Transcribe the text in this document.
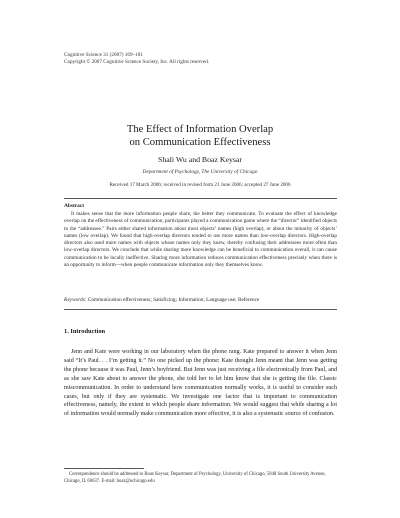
Cognitive Science 31 (2007) 169–181
Copyright © 2007 Cognitive Science Society, Inc. All rights reserved.
The Effect of Information Overlap
on Communication Effectiveness
Shali Wu and Boaz Keysar
Department of Psychology, The University of Chicago
Received 17 March 2006; received in revised form 21 June 2006; accepted 27 June 2006
Abstract
It makes sense that the more information people share, the better they communicate. To evaluate the effect of knowledge overlap on the effectiveness of communication, participants played a communication game where the “director” identified objects to the “addressee.” Pairs either shared information about most objects’ names (high overlap), or about the minority of objects’ names (low overlap). We found that high-overlap directors tended to use more names than low-overlap directors. High-overlap directors also used more names with objects whose names only they knew, thereby confusing their addressees more often than low-overlap directors. We conclude that while sharing more knowledge can be beneficial to communication overall, it can cause communication to be locally ineffective. Sharing more information reduces communication effectiveness precisely when there is an opportunity to inform—when people communicate information only they themselves know.
Keywords: Communication effectiveness; Satisficing; Information; Language use; Reference
1. Introduction
Jenn and Kate were working in our laboratory when the phone rang. Kate prepared to answer it when Jenn said “It’s Paul. . . I’m getting it.” No one picked up the phone: Kate thought Jenn meant that Jenn was getting the phone because it was Paul, Jenn’s boyfriend. But Jenn was just receiving a file electronically from Paul, and as she saw Kate about to answer the phone, she told her to let him know that she is getting the file. Classic miscommunication. In order to understand how communication normally works, it is useful to consider such cases, but only if they are systematic. We investigate one factor that is important to communication effectiveness, namely, the extent to which people share information. We would suggest that while sharing a lot of information would normally make communication more effective, it is also a systematic source of confusion.
Correspondence should be addressed to Boaz Keysar, Department of Psychology, University of Chicago, 5848 South University Avenue, Chicago, IL 60637. E-mail: boaz@uchicago.edu
